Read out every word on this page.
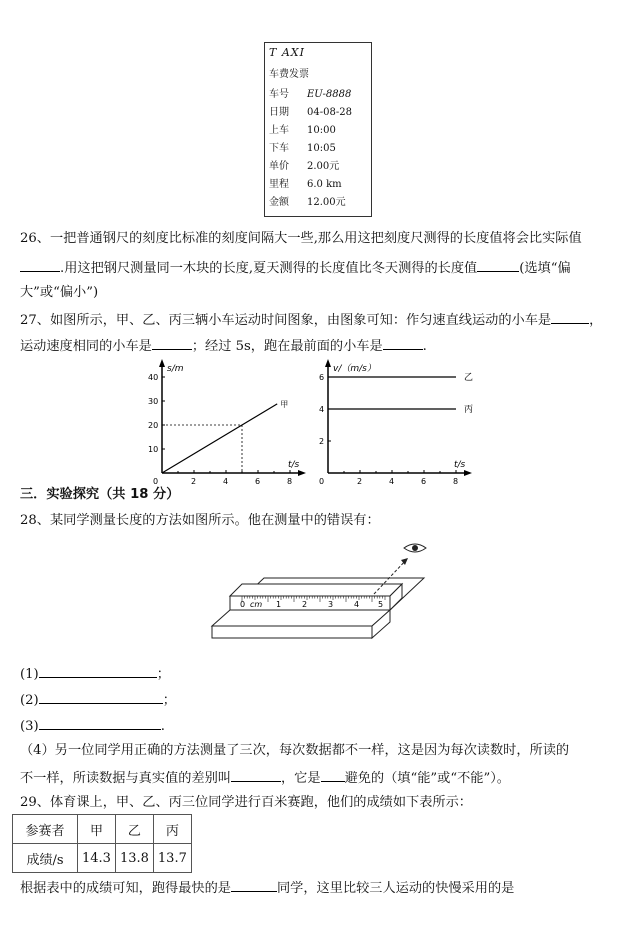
T AXI
车费发票
车号 EU-8888
日期 04-08-28
上车 10:00
下车 10:05
单价 2.00元
里程 6.0 km
金额 12.00元
26、一把普通钢尺的刻度比标准的刻度间隔大一些,那么用这把刻度尺测得的长度值将会比实际值
.用这把钢尺测量同一木块的长度,夏天测得的长度值比冬天测得的长度值	(选填“偏
大”或“偏小”)
27、如图所示，甲、乙、丙三辆小车运动时间图象，由图象可知：作匀速直线运动的小车是	，
运动速度相同的小车是	；经过 5s，跑在最前面的小车是	.
0	2	4	6	8
10
20
30
40
t/s
s/m
甲
0	2	4	6	8
2
4
6
t/s
v/（m/s）
乙
丙
三．实验探究（共 18 分）
28、某同学测量长度的方法如图所示。他在测量中的错误有：
0 cm 1	2	3	4 5
(1)	；
(2)	；
(3)	.
（4）另一位同学用正确的方法测量了三次，每次数据都不一样，这是因为每次读数时，所读的
不一样，所读数据与真实值的差别叫	，它是 避免的（填“能”或“不能”）。
29、体育课上，甲、乙、丙三位同学进行百米赛跑，他们的成绩如下表所示：
参赛者	甲	乙	丙
成绩/s	14.3	13.8	13.7
根据表中的成绩可知，跑得最快的是	同学，这里比较三人运动的快慢采用的是
